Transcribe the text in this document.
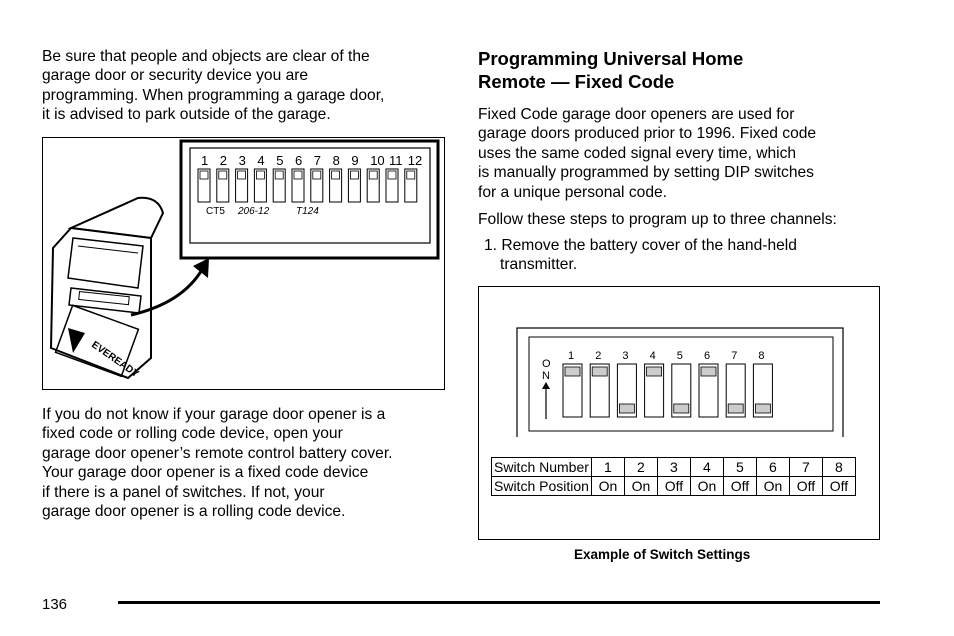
Be sure that people and objects are clear of the
garage door or security device you are
programming. When programming a garage door,
it is advised to park outside of the garage.
EVEREADY
1 2 3 4 5 6 7 8 9 10 11 12
CT5 206-12	T124
If you do not know if your garage door opener is a
fixed code or rolling code device, open your
garage door opener’s remote control battery cover.
Your garage door opener is a fixed code device
if there is a panel of switches. If not, your
garage door opener is a rolling code device.
Programming Universal Home
Remote — Fixed Code
Fixed Code garage door openers are used for
garage doors produced prior to 1996. Fixed code
uses the same coded signal every time, which
is manually programmed by setting DIP switches
for a unique personal code.
Follow these steps to program up to three channels:
1. Remove the battery cover of the hand-held
transmitter.
O
N
1 2 3 4 5 6 7 8
Switch Number	1	2	3	4	5	6	7	8
Switch Position	On	On	Off	On	Off	On	Off	Off
Example of Switch Settings
136
